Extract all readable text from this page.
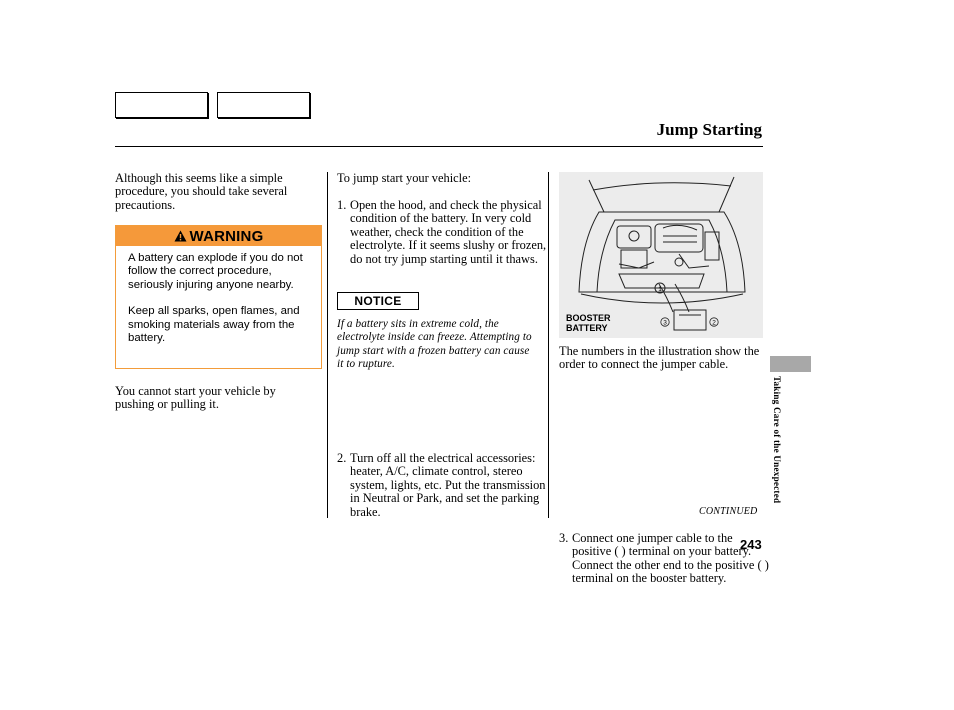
Jump Starting
Although this seems like a simple procedure, you should take several precautions.
WARNING

A battery can explode if you do not follow the correct procedure, seriously injuring anyone nearby.

Keep all sparks, open flames, and smoking materials away from the battery.

You cannot start your vehicle by pushing or pulling it.
To jump start your vehicle:
1. Open the hood, and check the physical condition of the battery. In very cold weather, check the condition of the electrolyte. If it seems slushy or frozen, do not try jump starting until it thaws.
NOTICE
If a battery sits in extreme cold, the electrolyte inside can freeze. Attempting to jump start with a frozen battery can cause it to rupture.
2. Turn off all the electrical accessories: heater, A/C, climate control, stereo system, lights, etc. Put the transmission in Neutral or Park, and set the parking brake.
1
3	2
BOOSTER
BATTERY
The numbers in the illustration show the order to connect the jumper cable.
3. Connect one jumper cable to the positive ( ) terminal on your battery. Connect the other end to the positive ( ) terminal on the booster battery.
CONTINUED
Taking Care of the Unexpected
243
